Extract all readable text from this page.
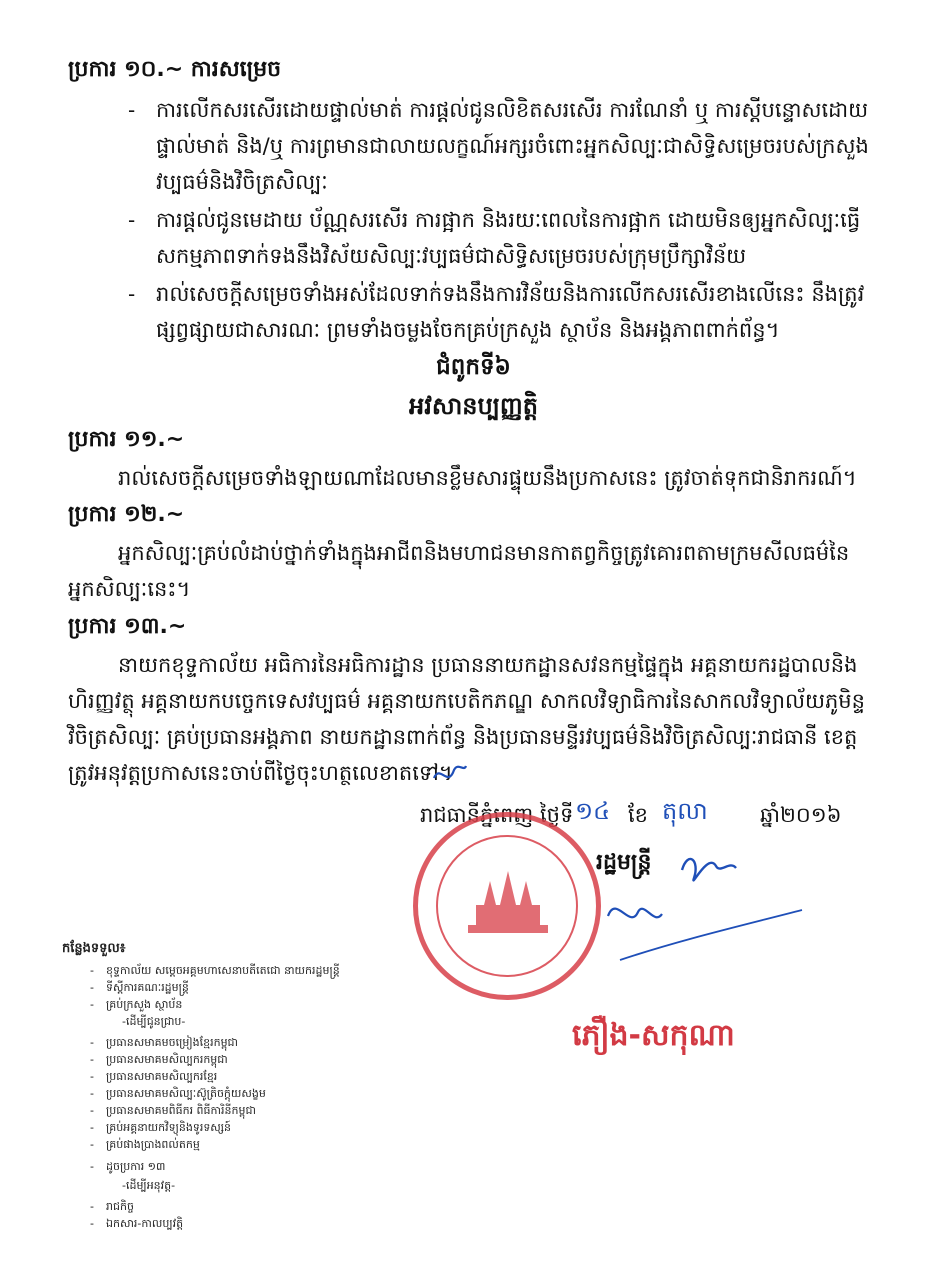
ប្រការ ១០.~ ការសម្រេច
- ការលើកសរសើរដោយផ្ទាល់មាត់ ការផ្តល់ជូនលិខិតសរសើរ ការណែនាំ ឬ ការស្តីបន្ទោសដោយ
ផ្ទាល់មាត់ និង/ឬ ការព្រមានជាលាយលក្ខណ៍អក្សរចំពោះអ្នកសិល្បៈជាសិទ្ធិសម្រេចរបស់ក្រសួង
វប្បធម៌និងវិចិត្រសិល្បៈ
- ការផ្តល់ជូនមេដាយ ប័ណ្ណសរសើរ ការផ្អាក និងរយៈពេលនៃការផ្អាក ដោយមិនឲ្យអ្នកសិល្បៈធ្វើ
សកម្មភាពទាក់ទងនឹងវិស័យសិល្បៈវប្បធម៌ជាសិទ្ធិសម្រេចរបស់ក្រុមប្រឹក្សាវិន័យ
- រាល់សេចក្តីសម្រេចទាំងអស់ដែលទាក់ទងនឹងការវិន័យនិងការលើកសរសើរខាងលើនេះ នឹងត្រូវ
ផ្សព្វផ្សាយជាសារណៈ ព្រមទាំងចម្លងចែកគ្រប់ក្រសួង ស្ថាប័ន និងអង្គភាពពាក់ព័ន្ធ។
ជំពូកទី៦
អវសានប្បញ្ញត្តិ
ប្រការ ១១.~
រាល់សេចក្តីសម្រេចទាំងឡាយណាដែលមានខ្លឹមសារផ្ទុយនឹងប្រកាសនេះ ត្រូវចាត់ទុកជានិរាករណ៍។
ប្រការ ១២.~
អ្នកសិល្បៈគ្រប់លំដាប់ថ្នាក់ទាំងក្នុងអាជីពនិងមហាជនមានកាតព្វកិច្ចត្រូវគោរពតាមក្រមសីលធម៌នៃ
អ្នកសិល្បៈនេះ។
ប្រការ ១៣.~
នាយកខុទ្ទកាល័យ អធិការនៃអធិការដ្ឋាន ប្រធាននាយកដ្ឋានសវនកម្មផ្ទៃក្នុង អគ្គនាយករដ្ឋបាលនិង
ហិរញ្ញវត្ថុ អគ្គនាយកបច្ចេកទេសវប្បធម៌ អគ្គនាយកបេតិកភណ្ឌ សាកលវិទ្យាធិការនៃសាកលវិទ្យាល័យភូមិន្ទ
វិចិត្រសិល្បៈ គ្រប់ប្រធានអង្គភាព នាយកដ្ឋានពាក់ព័ន្ធ និងប្រធានមន្ទីរវប្បធម៌និងវិចិត្រសិល្បៈរាជធានី ខេត្ត
ត្រូវអនុវត្តប្រកាសនេះចាប់ពីថ្ងៃចុះហត្ថលេខាតទៅ។
រាជធានីភ្នំពេញ ថ្ងៃទី ១៤ ខែ តុលា ឆ្នាំ២០១៦
រដ្ឋមន្ត្រី
ភឿង-សកុណា
កន្លែងទទួល៖
- ខុទ្ទកាល័យ សម្តេចអគ្គមហាសេនាបតីតេជោ នាយករដ្ឋមន្ត្រី
- ទីស្តីការគណៈរដ្ឋមន្ត្រី
- គ្រប់ក្រសួង ស្ថាប័ន
-ដើម្បីជូនជ្រាប-
- ប្រធានសមាគមចម្រៀងខ្មែរកម្ពុជា
- ប្រធានសមាគមសិល្បករកម្ពុជា
- ប្រធានសមាគមសិល្បករខ្មែរ
- ប្រធានសមាគមសិល្បៈស៊ូត្រិចក្តុំយសង្ខម
- ប្រធានសមាគមពិធីករ ពិធីការិនីកម្ពុជា
- គ្រប់អគ្គនាយកវិទ្យុនិងទូរទស្សន៍
- គ្រប់ផាងប្រាងពល់តកម្ម
- ដូចប្រការ ១៣
-ដើម្បីអនុវត្ត-
- រាជកិច្ច
- ឯកសារ-កាលប្បវត្តិ
